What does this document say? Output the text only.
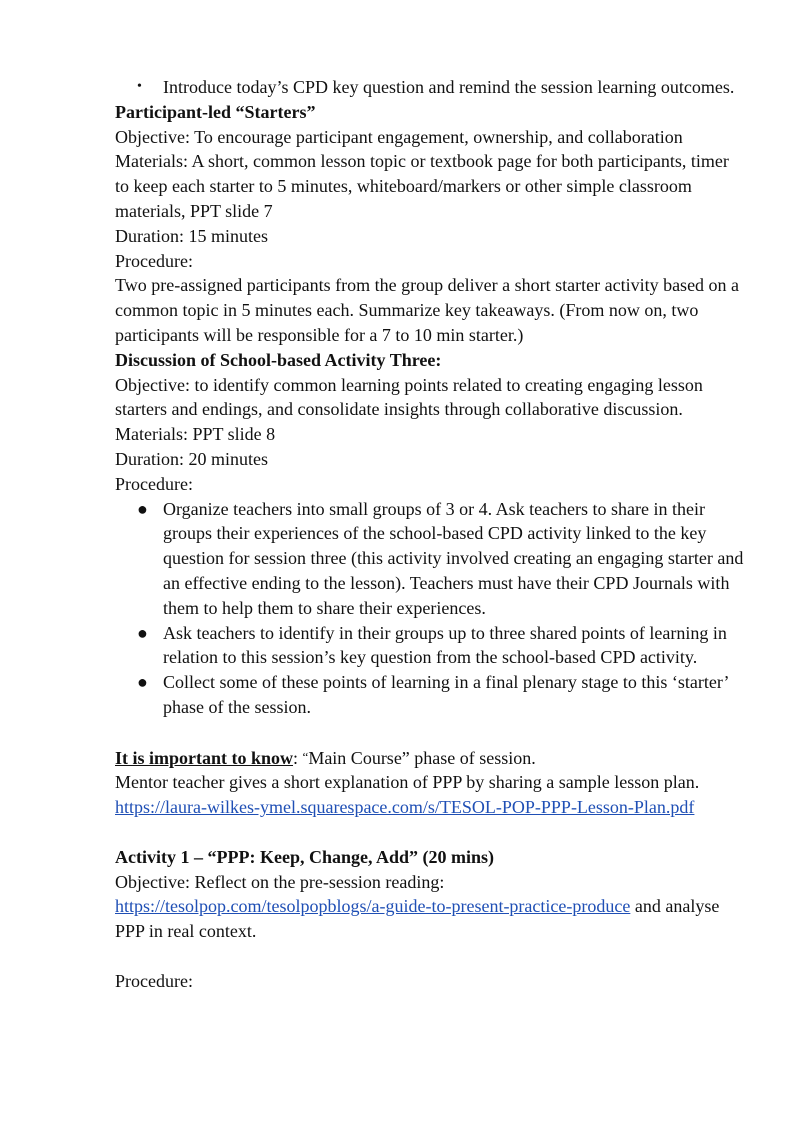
• Introduce today’s CPD key question and remind the session learning outcomes.

Participant-led “Starters”

Objective: To encourage participant engagement, ownership, and collaboration

Materials: A short, common lesson topic or textbook page for both participants, timer to keep each starter to 5 minutes, whiteboard/markers or other simple classroom materials, PPT slide 7

Duration: 15 minutes

Procedure:

Two pre-assigned participants from the group deliver a short starter activity based on a common topic in 5 minutes each. Summarize key takeaways. (From now on, two participants will be responsible for a 7 to 10 min starter.)

Discussion of School-based Activity Three:

Objective: to identify common learning points related to creating engaging lesson starters and endings, and consolidate insights through collaborative discussion.

Materials: PPT slide 8

Duration: 20 minutes

Procedure:

● Organize teachers into small groups of 3 or 4. Ask teachers to share in their groups their experiences of the school-based CPD activity linked to the key question for session three (this activity involved creating an engaging starter and an effective ending to the lesson). Teachers must have their CPD Journals with them to help them to share their experiences.
● Ask teachers to identify in their groups up to three shared points of learning in relation to this session’s key question from the school-based CPD activity.
● Collect some of these points of learning in a final plenary stage to this ‘starter’ phase of the session.

It is important to know: “Main Course” phase of session.

Mentor teacher gives a short explanation of PPP by sharing a sample lesson plan.

https://laura-wilkes-ymel.squarespace.com/s/TESOL-POP-PPP-Lesson-Plan.pdf

Activity 1 – “PPP: Keep, Change, Add” (20 mins)

Objective: Reflect on the pre-session reading:

https://tesolpop.com/tesolpopblogs/a-guide-to-present-practice-produce and analyse PPP in real context.

Procedure:
